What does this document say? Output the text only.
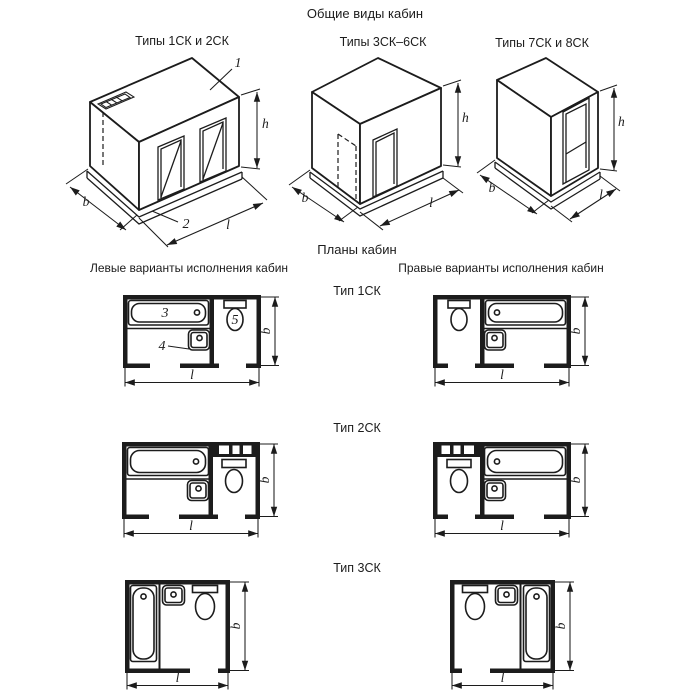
Общие виды кабин
Типы 1СК и 2СК	Типы 3СК–6СК	Типы 7СК и 8СК
Планы кабин
Левые варианты исполнения кабин	Правые варианты исполнения кабин
Тип 1СК
Тип 2СК
Тип 3СК
h
b
l
1
2
h
b	l
h
b	l
3
4
5
b
l
b
l
b
l
b
l
b
l
b
l
